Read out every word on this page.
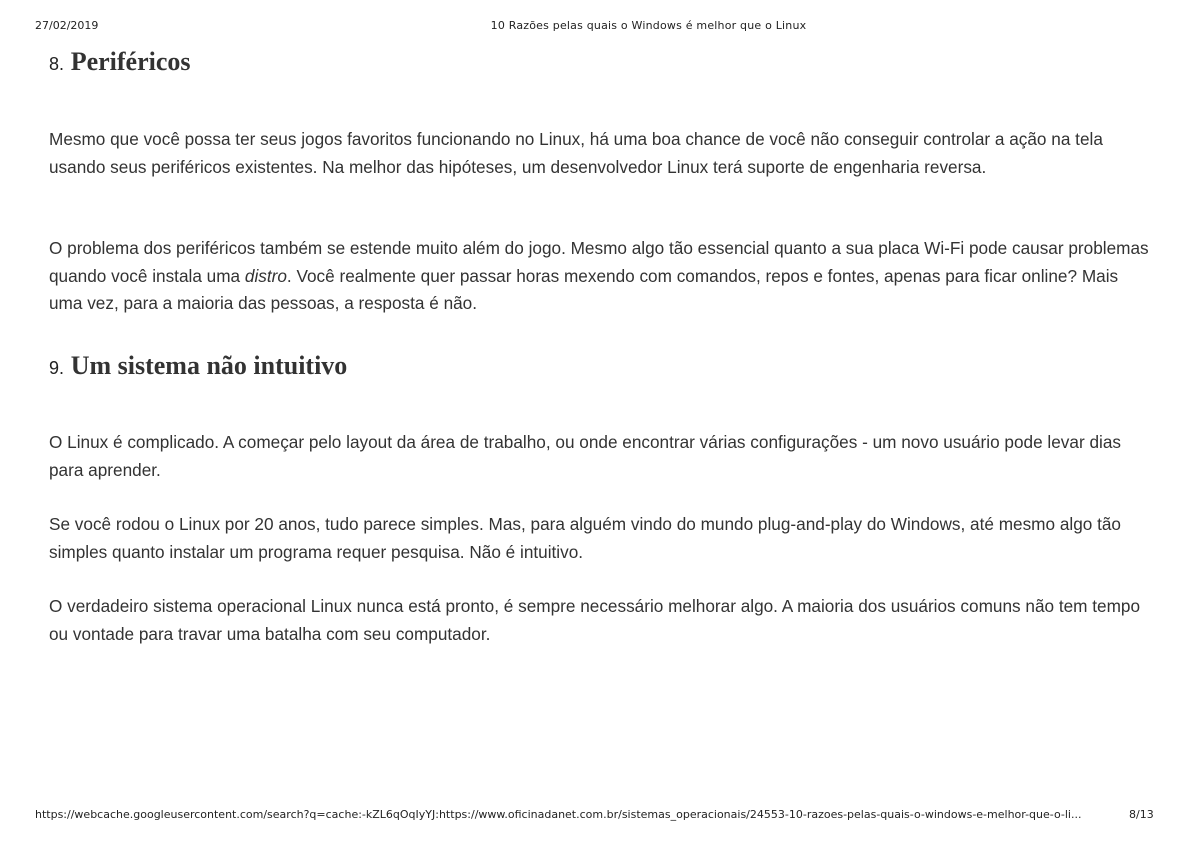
27/02/2019	10 Razões pelas quais o Windows é melhor que o Linux
8. Periféricos

Mesmo que você possa ter seus jogos favoritos funcionando no Linux, há uma boa chance de você não conseguir controlar a ação na tela usando seus periféricos existentes. Na melhor das hipóteses, um desenvolvedor Linux terá suporte de engenharia reversa.

O problema dos periféricos também se estende muito além do jogo. Mesmo algo tão essencial quanto a sua placa Wi-Fi pode causar problemas quando você instala uma distro. Você realmente quer passar horas mexendo com comandos, repos e fontes, apenas para ficar online? Mais uma vez, para a maioria das pessoas, a resposta é não.

9. Um sistema não intuitivo

O Linux é complicado. A começar pelo layout da área de trabalho, ou onde encontrar várias configurações - um novo usuário pode levar dias para aprender.

Se você rodou o Linux por 20 anos, tudo parece simples. Mas, para alguém vindo do mundo plug-and-play do Windows, até mesmo algo tão simples quanto instalar um programa requer pesquisa. Não é intuitivo.

O verdadeiro sistema operacional Linux nunca está pronto, é sempre necessário melhorar algo. A maioria dos usuários comuns não tem tempo ou vontade para travar uma batalha com seu computador.

https://webcache.googleusercontent.com/search?q=cache:-kZL6qOqIyYJ:https://www.oficinadanet.com.br/sistemas_operacionais/24553-10-razoes-pelas-quais-o-windows-e-melhor-que-o-li...	8/13
